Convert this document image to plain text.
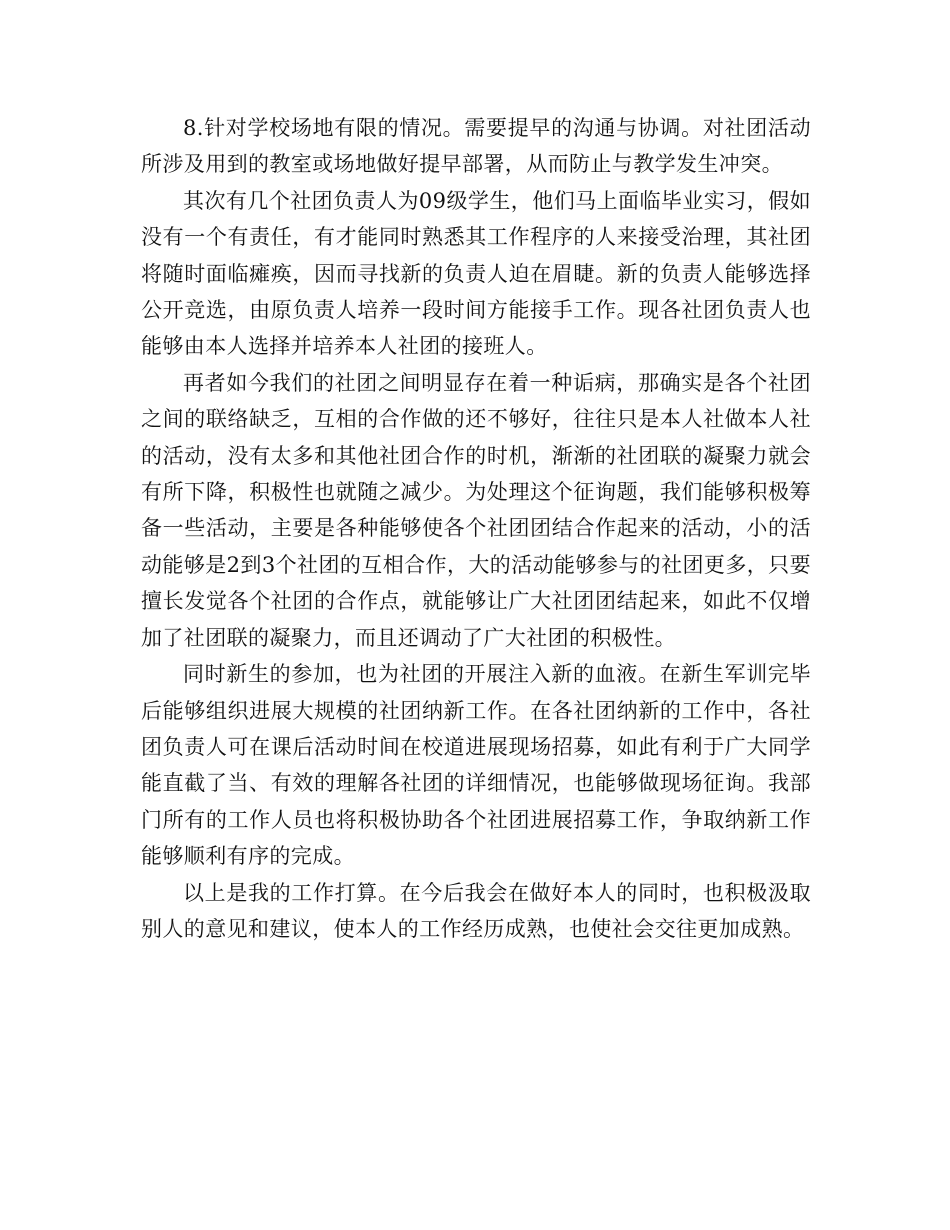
8.针对学校场地有限的情况。需要提早的沟通与协调。对社团活动所涉及用到的教室或场地做好提早部署，从而防止与教学发生冲突。

其次有几个社团负责人为09级学生，他们马上面临毕业实习，假如没有一个有责任，有才能同时熟悉其工作程序的人来接受治理，其社团将随时面临瘫痪，因而寻找新的负责人迫在眉睫。新的负责人能够选择公开竞选，由原负责人培养一段时间方能接手工作。现各社团负责人也能够由本人选择并培养本人社团的接班人。

再者如今我们的社团之间明显存在着一种诟病，那确实是各个社团之间的联络缺乏，互相的合作做的还不够好，往往只是本人社做本人社的活动，没有太多和其他社团合作的时机，渐渐的社团联的凝聚力就会有所下降，积极性也就随之减少。为处理这个征询题，我们能够积极筹备一些活动，主要是各种能够使各个社团团结合作起来的活动，小的活动能够是2到3个社团的互相合作，大的活动能够参与的社团更多，只要擅长发觉各个社团的合作点，就能够让广大社团团结起来，如此不仅增加了社团联的凝聚力，而且还调动了广大社团的积极性。

同时新生的参加，也为社团的开展注入新的血液。在新生军训完毕后能够组织进展大规模的社团纳新工作。在各社团纳新的工作中，各社团负责人可在课后活动时间在校道进展现场招募，如此有利于广大同学能直截了当、有效的理解各社团的详细情况，也能够做现场征询。我部门所有的工作人员也将积极协助各个社团进展招募工作，争取纳新工作能够顺利有序的完成。

以上是我的工作打算。在今后我会在做好本人的同时，也积极汲取别人的意见和建议，使本人的工作经历成熟，也使社会交往更加成熟。
